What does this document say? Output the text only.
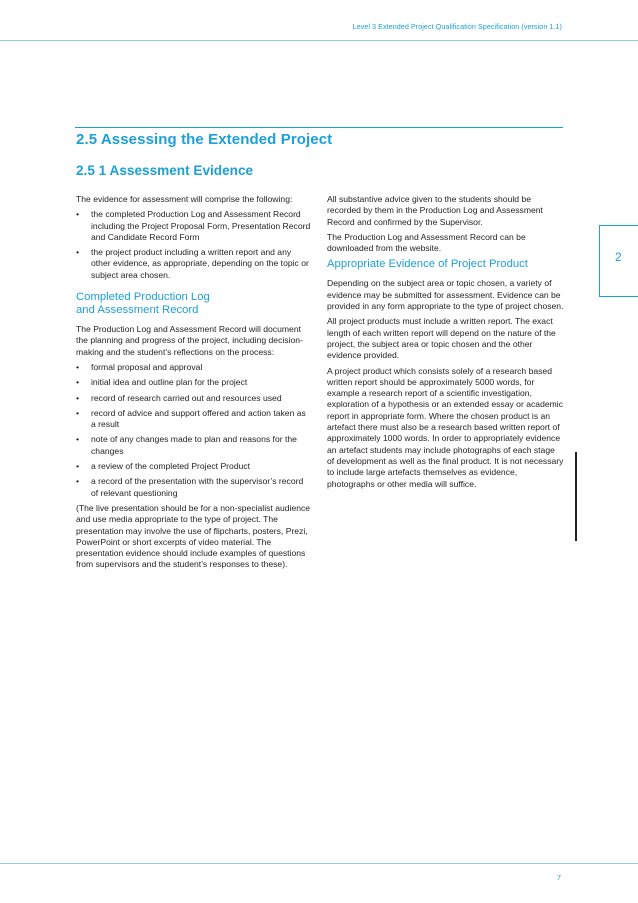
Level 3 Extended Project Qualification Specification (version 1.1)
2
2.5 Assessing the Extended Project
2.5 1 Assessment Evidence

The evidence for assessment will comprise the following:

• the completed Production Log and Assessment Record including the Project Proposal Form, Presentation Record and Candidate Record Form
• the project product including a written report and any other evidence, as appropriate, depending on the topic or subject area chosen.
Completed Production Log
and Assessment Record

The Production Log and Assessment Record will document the planning and progress of the project, including decision-making and the student’s reflections on the process:

• formal proposal and approval
• initial idea and outline plan for the project
• record of research carried out and resources used
• record of advice and support offered and action taken as a result
• note of any changes made to plan and reasons for the changes
• a review of the completed Project Product
• a record of the presentation with the supervisor’s record of relevant questioning

(The live presentation should be for a non-specialist audience and use media appropriate to the type of project. The presentation may involve the use of flipcharts, posters, Prezi, PowerPoint or short excerpts of video material. The presentation evidence should include examples of questions from supervisors and the student’s responses to these).

All substantive advice given to the students should be recorded by them in the Production Log and Assessment Record and confirmed by the Supervisor.

The Production Log and Assessment Record can be downloaded from the website.

Appropriate Evidence of Project Product

Depending on the subject area or topic chosen, a variety of evidence may be submitted for assessment. Evidence can be provided in any form appropriate to the type of project chosen.

All project products must include a written report. The exact length of each written report will depend on the nature of the project, the subject area or topic chosen and the other evidence provided.

A project product which consists solely of a research based written report should be approximately 5000 words, for example a research report of a scientific investigation, exploration of a hypothesis or an extended essay or academic report in appropriate form. Where the chosen product is an artefact there must also be a research based written report of approximately 1000 words. In order to appropriately evidence an artefact students may include photographs of each stage of development as well as the final product. It is not necessary to include large artefacts themselves as evidence, photographs or other media will suffice.

7
